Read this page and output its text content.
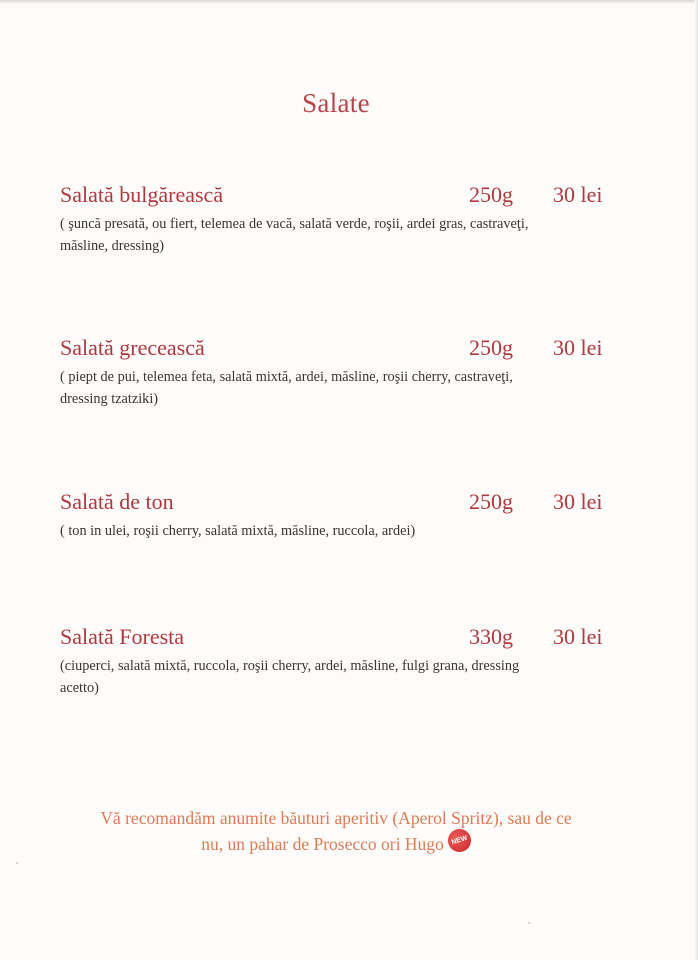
Salate
Salată bulgărească	250g 30 lei
( şuncă presată, ou fiert, telemea de vacă, salată verde, roşii, ardei gras, castraveţi, măsline, dressing)
Salată grecească	250g 30 lei
( piept de pui, telemea feta, salată mixtă, ardei, măsline, roşii cherry, castraveţi, dressing tzatziki)
Salată de ton	250g 30 lei
( ton in ulei, roşii cherry, salată mixtă, măsline, ruccola, ardei)
Salată Foresta	330g 30 lei
(ciuperci, salată mixtă, ruccola, roşii cherry, ardei, măsline, fulgi grana, dressing acetto)
Vă recomandăm anumite băuturi aperitiv (Aperol Spritz), sau de ce
nu, un pahar de Prosecco ori Hugo NEW
